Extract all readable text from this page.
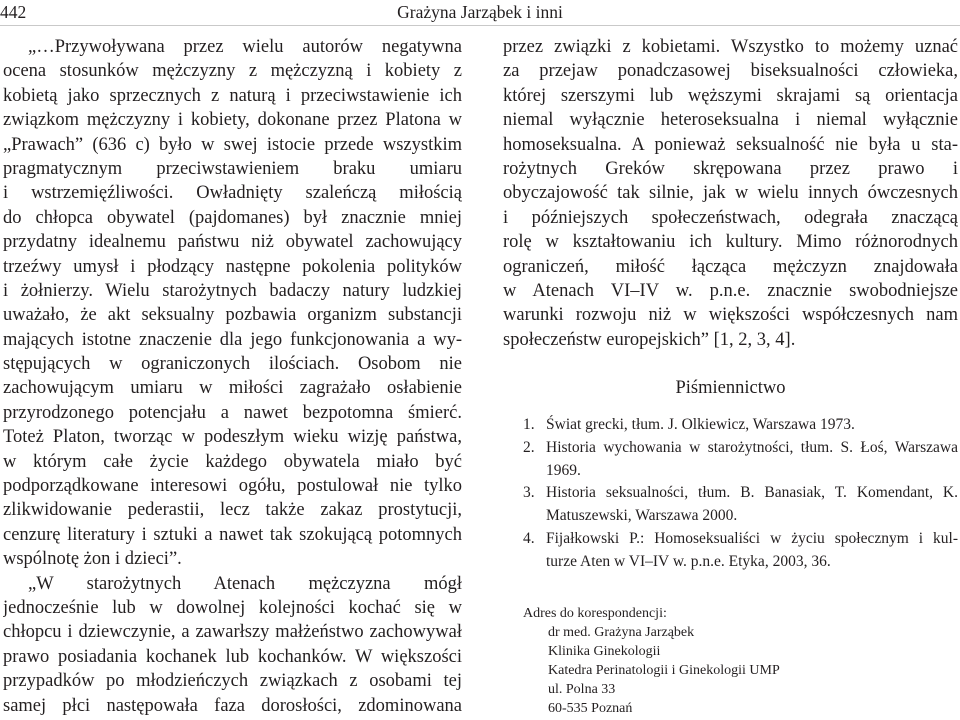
442	Grażyna Jarząbek i inni
„…Przywoływana przez wielu autorów negatywna
ocena stosunków mężczyzny z mężczyzną i kobiety z
kobietą jako sprzecznych z naturą i przeciwstawienie ich
związkom mężczyzny i kobiety, dokonane przez Platona w
„Prawach” (636 c) było w swej istocie przede wszystkim
pragmatycznym przeciwstawieniem braku umiaru
i wstrzemięźliwości. Owładnięty szaleńczą miłością
do chłopca obywatel (pajdomanes) był znacznie mniej
przydatny idealnemu państwu niż obywatel zachowujący
trzeźwy umysł i płodzący następne pokolenia polityków
i żołnierzy. Wielu starożytnych badaczy natury ludzkiej
uważało, że akt seksualny pozbawia organizm substancji
mających istotne znaczenie dla jego funkcjonowania a wy-
stępujących w ograniczonych ilościach. Osobom nie
zachowującym umiaru w miłości zagrażało osłabienie
przyrodzonego potencjału a nawet bezpotomna śmierć.
Toteż Platon, tworząc w podeszłym wieku wizję państwa,
w którym całe życie każdego obywatela miało być
podporządkowane interesowi ogółu, postulował nie tylko
zlikwidowanie pederastii, lecz także zakaz prostytucji,
cenzurę literatury i sztuki a nawet tak szokującą potomnych
wspólnotę żon i dzieci”.
„W starożytnych Atenach mężczyzna mógł
jednocześnie lub w dowolnej kolejności kochać się w
chłopcu i dziewczynie, a zawarłszy małżeństwo zachowywał
prawo posiadania kochanek lub kochanków. W większości
przypadków po młodzieńczych związkach z osobami tej
samej płci następowała faza dorosłości, zdominowana
przez związki z kobietami. Wszystko to możemy uznać
za przejaw ponadczasowej biseksualności człowieka,
której szerszymi lub węższymi skrajami są orientacja
niemal wyłącznie heteroseksualna i niemal wyłącznie
homoseksualna. A ponieważ seksualność nie była u sta-
rożytnych Greków skrępowana przez prawo i
obyczajowość tak silnie, jak w wielu innych ówczesnych
i późniejszych społeczeństwach, odegrała znaczącą
rolę w kształtowaniu ich kultury. Mimo różnorodnych
ograniczeń, miłość łącząca mężczyzn znajdowała
w Atenach VI–IV w. p.n.e. znacznie swobodniejsze
warunki rozwoju niż w większości współczesnych nam
społeczeństw europejskich” [1, 2, 3, 4].
Piśmiennictwo
1. Świat grecki, tłum. J. Olkiewicz, Warszawa 1973.
2. Historia wychowania w starożytności, tłum. S. Łoś, Warszawa
1969.
3. Historia seksualności, tłum. B. Banasiak, T. Komendant, K.
Matuszewski, Warszawa 2000.
4. Fijałkowski P.: Homoseksualiści w życiu społecznym i kul-
turze Aten w VI–IV w. p.n.e. Etyka, 2003, 36.
Adres do korespondencji:
dr med. Grażyna Jarząbek
Klinika Ginekologii
Katedra Perinatologii i Ginekologii UMP
ul. Polna 33
60-535 Poznań
